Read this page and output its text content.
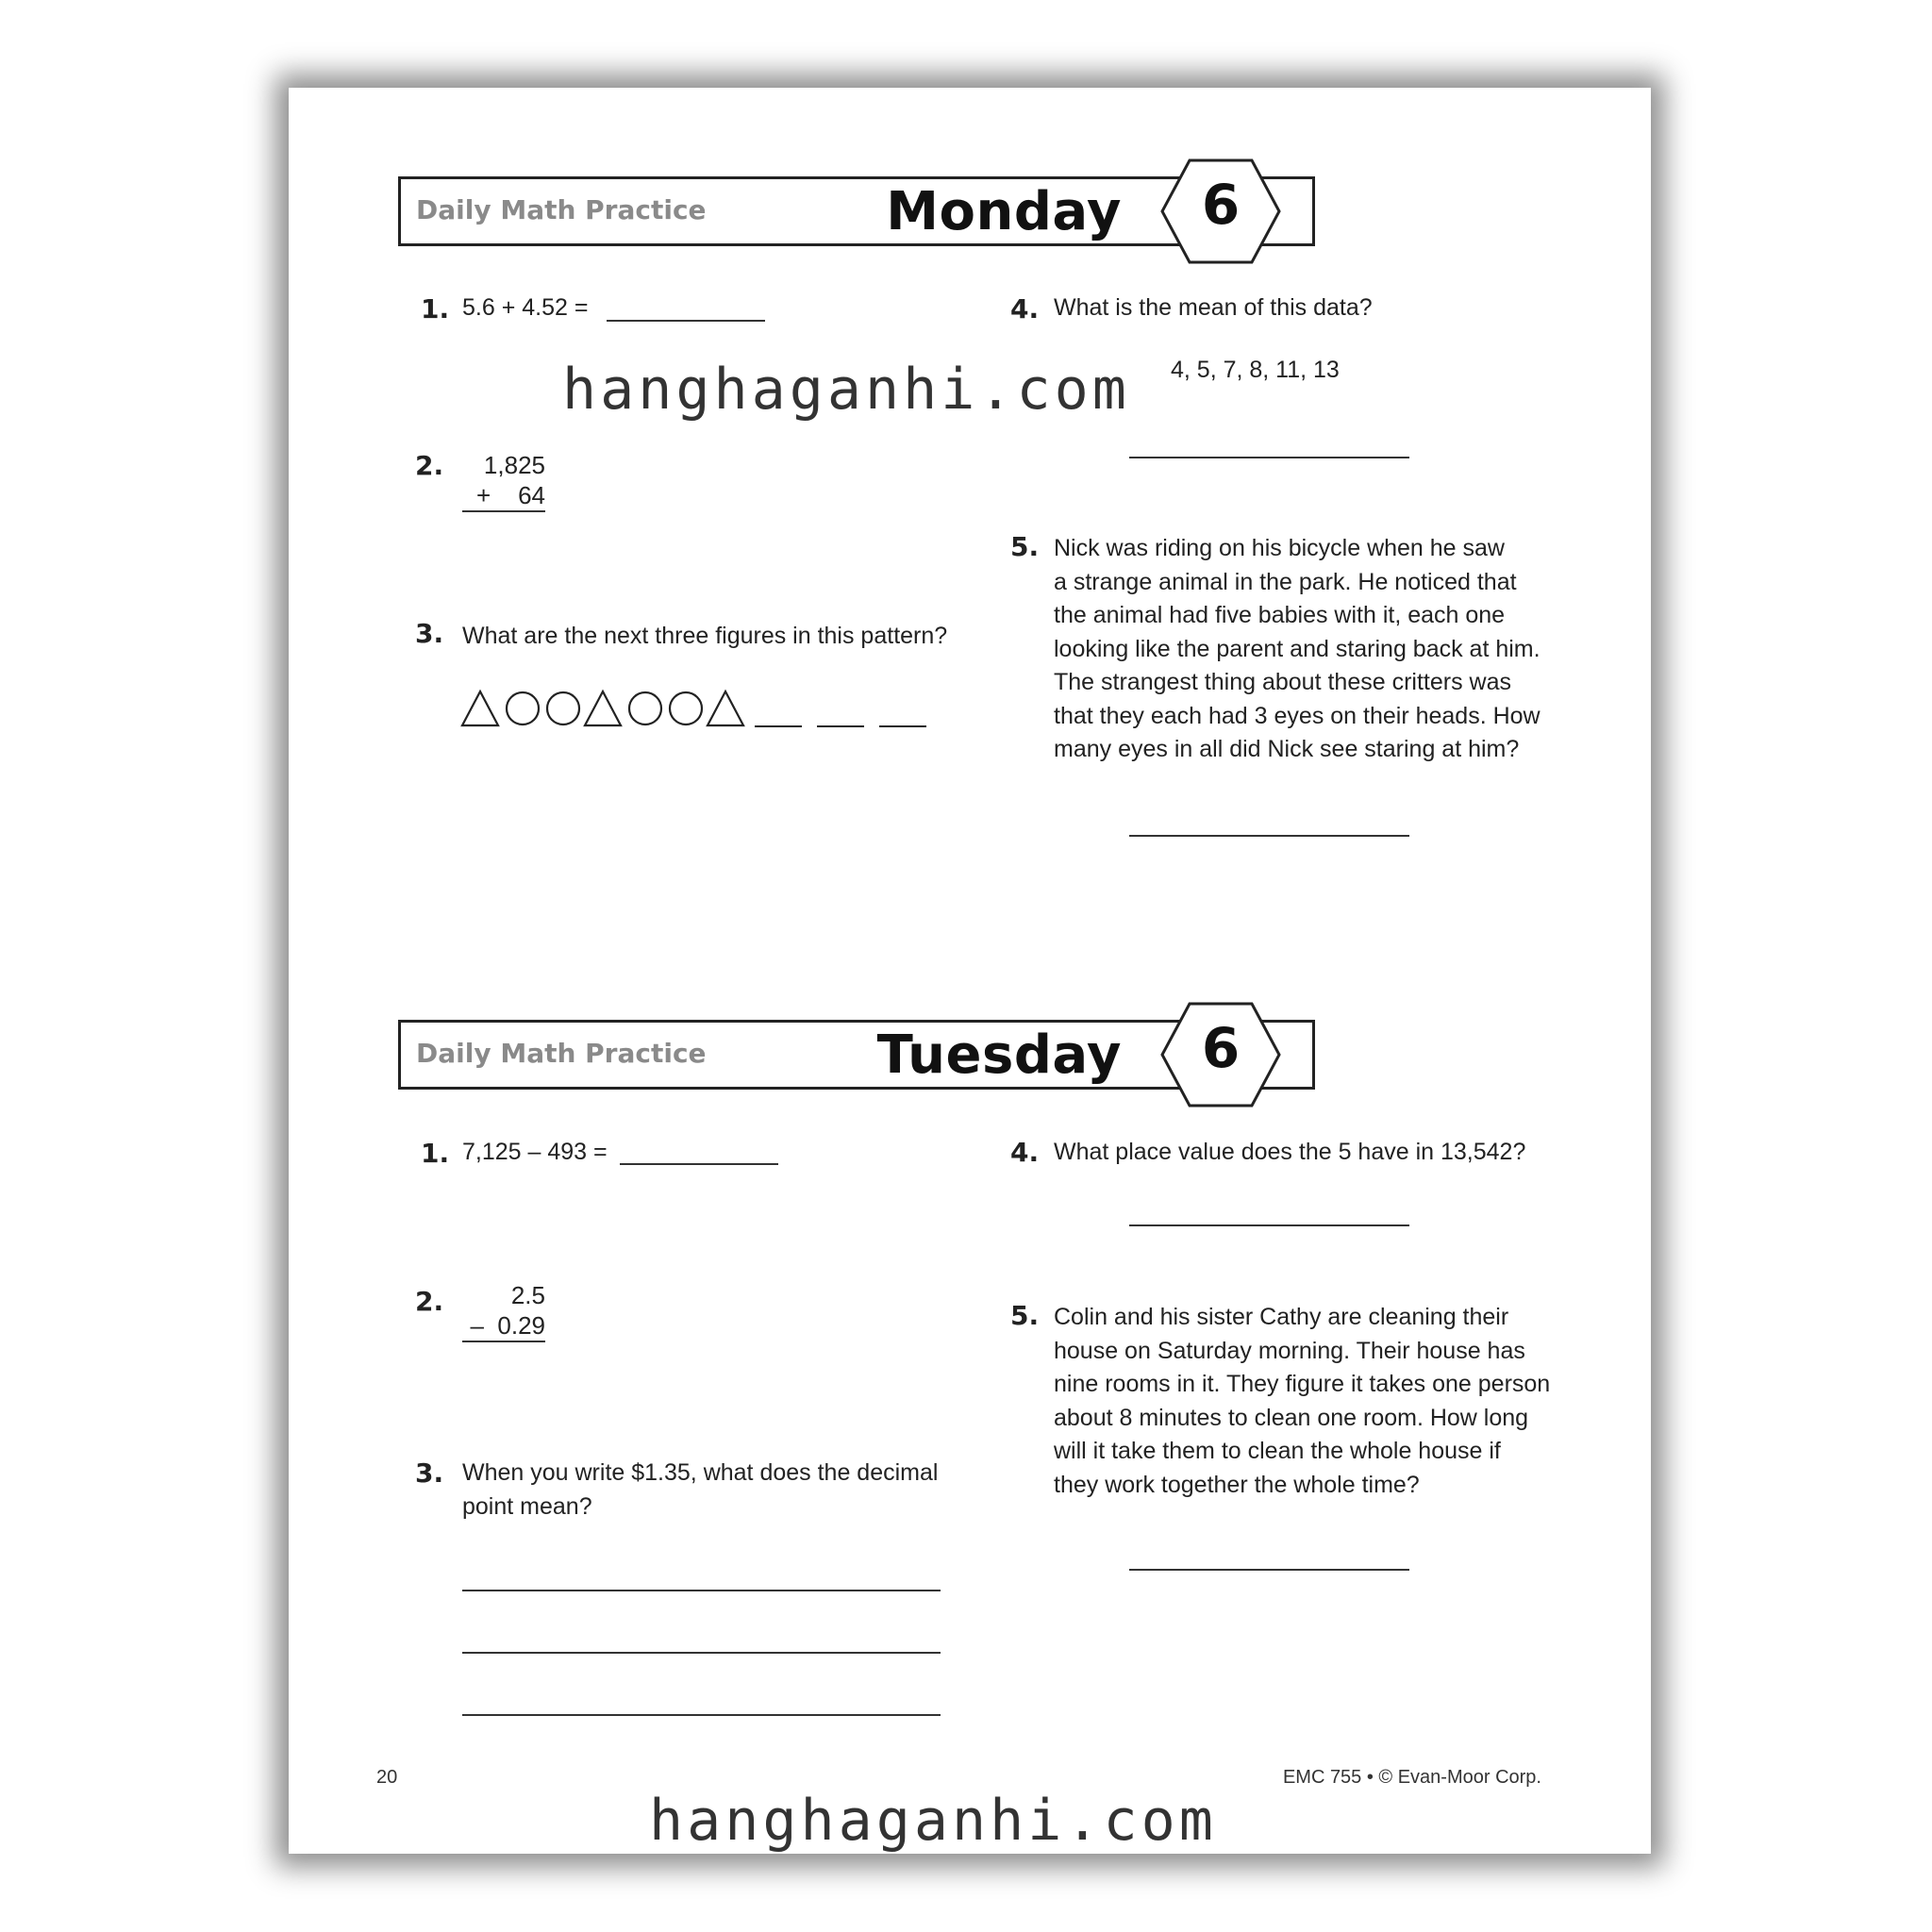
Daily Math Practice	Monday	6
1. 5.6 + 4.52 =
2.	1,825
+    64
3. What are the next three figures in this pattern?
4. What is the mean of this data?
4, 5, 7, 8, 11, 13
5. Nick was riding on his bicycle when he saw
a strange animal in the park. He noticed that
the animal had five babies with it, each one
looking like the parent and staring back at him.
The strangest thing about these critters was
that they each had 3 eyes on their heads. How
many eyes in all did Nick see staring at him?
Daily Math Practice	Tuesday	6
1. 7,125 – 493 =
2.	2.5
–  0.29
3. When you write $1.35, what does the decimal
point mean?
4. What place value does the 5 have in 13,542?
5. Colin and his sister Cathy are cleaning their
house on Saturday morning. Their house has
nine rooms in it. They figure it takes one person
about 8 minutes to clean one room. How long
will it take them to clean the whole house if
they work together the whole time?
20	EMC 755 • © Evan-Moor Corp.
hanghaganhi.com
hanghaganhi.com
